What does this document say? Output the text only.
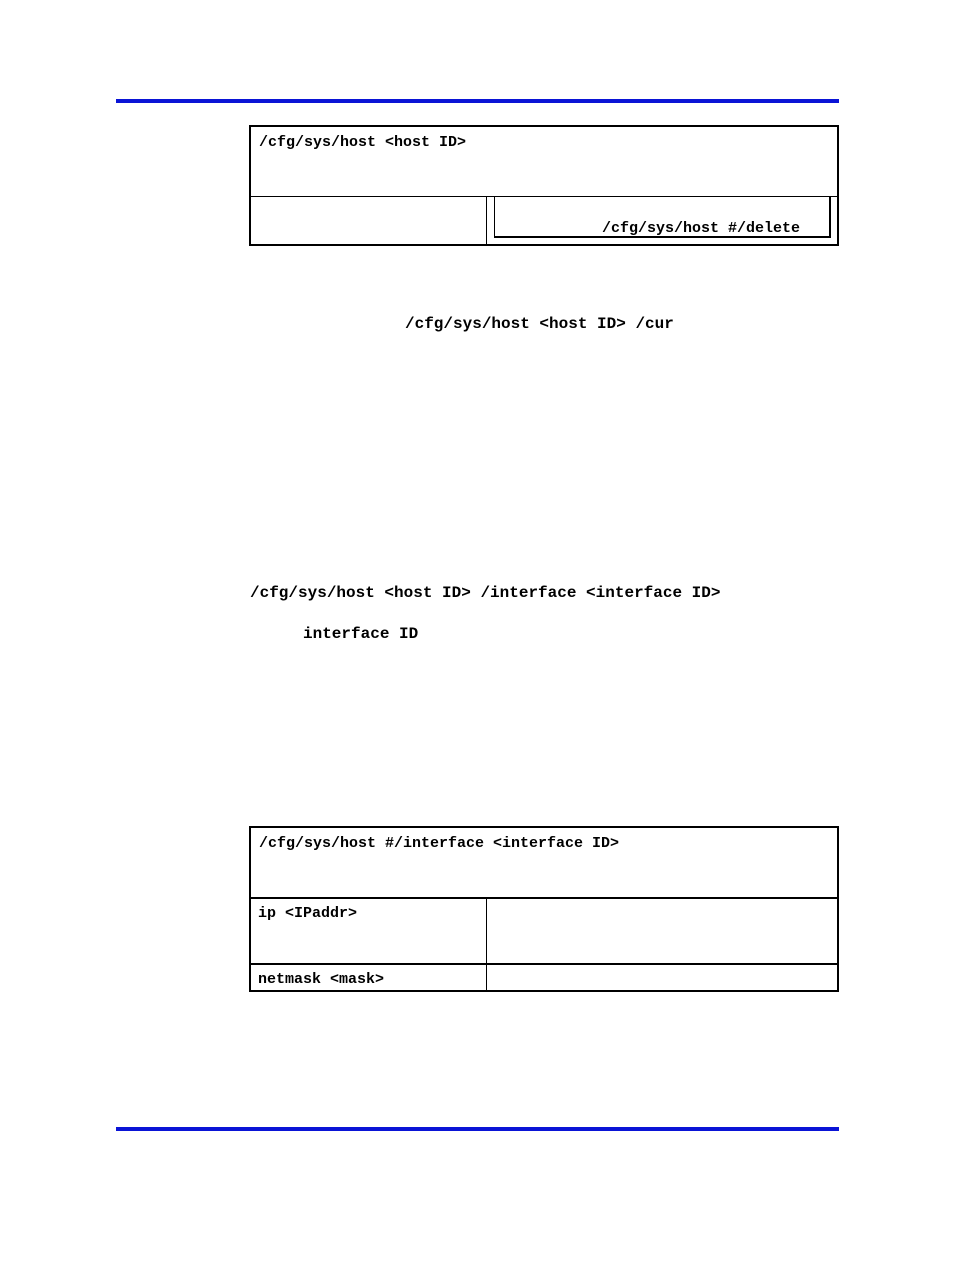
/cfg/sys/host <host ID>
/cfg/sys/host #/delete
/cfg/sys/host <host ID> /cur
/cfg/sys/host <host ID> /interface <interface ID>
interface ID
/cfg/sys/host #/interface <interface ID>
ip <IPaddr>
netmask <mask>
